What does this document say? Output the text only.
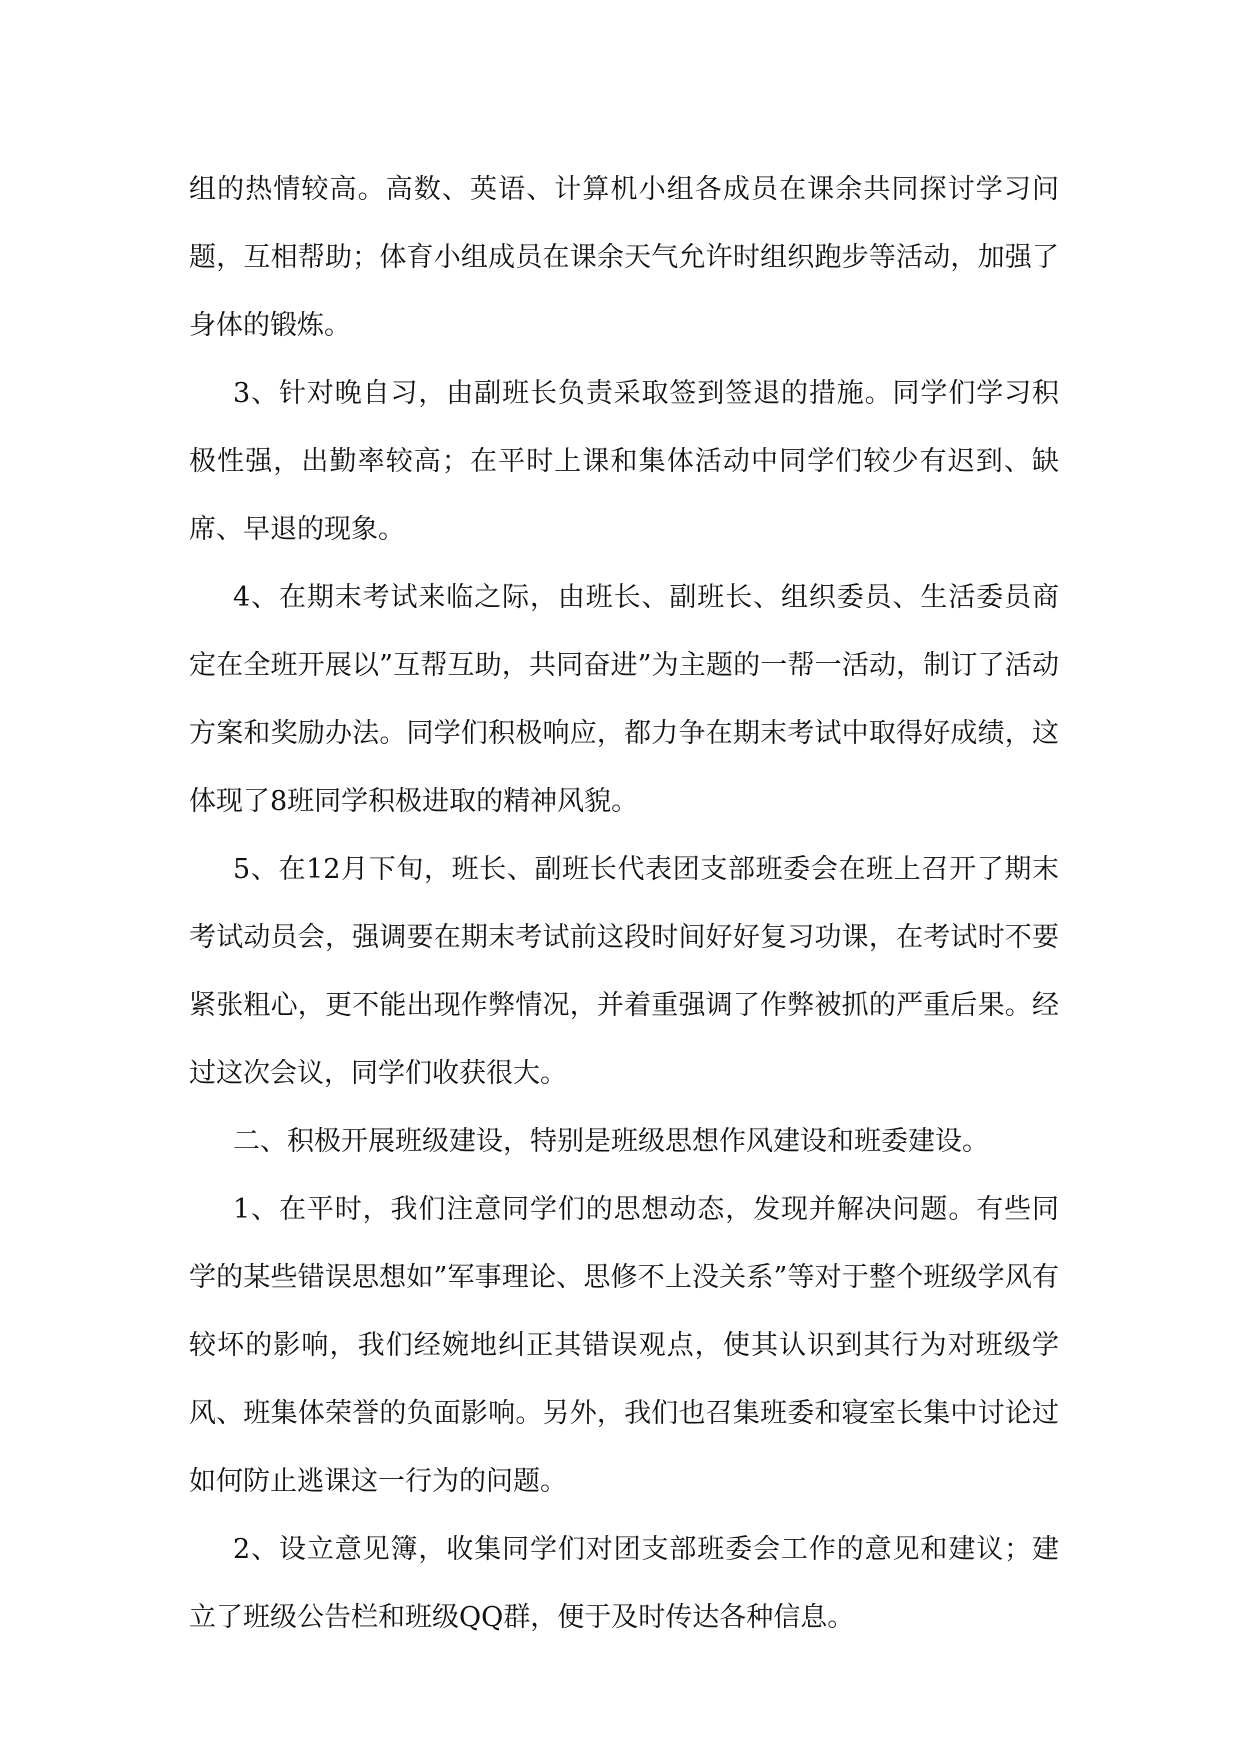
组的热情较高。高数、英语、计算机小组各成员在课余共同探讨学习问题，互相帮助；体育小组成员在课余天气允许时组织跑步等活动，加强了身体的锻炼。

3、针对晚自习，由副班长负责采取签到签退的措施。同学们学习积极性强，出勤率较高；在平时上课和集体活动中同学们较少有迟到、缺席、早退的现象。

4、在期末考试来临之际，由班长、副班长、组织委员、生活委员商定在全班开展以”互帮互助，共同奋进”为主题的一帮一活动，制订了活动方案和奖励办法。同学们积极响应，都力争在期末考试中取得好成绩，这体现了8班同学积极进取的精神风貌。

5、在12月下旬，班长、副班长代表团支部班委会在班上召开了期末考试动员会，强调要在期末考试前这段时间好好复习功课，在考试时不要紧张粗心，更不能出现作弊情况，并着重强调了作弊被抓的严重后果。经过这次会议，同学们收获很大。

二、积极开展班级建设，特别是班级思想作风建设和班委建设。

1、在平时，我们注意同学们的思想动态，发现并解决问题。有些同学的某些错误思想如”军事理论、思修不上没关系”等对于整个班级学风有较坏的影响，我们经婉地纠正其错误观点，使其认识到其行为对班级学风、班集体荣誉的负面影响。另外，我们也召集班委和寝室长集中讨论过如何防止逃课这一行为的问题。

2、设立意见簿，收集同学们对团支部班委会工作的意见和建议；建立了班级公告栏和班级QQ群，便于及时传达各种信息。
